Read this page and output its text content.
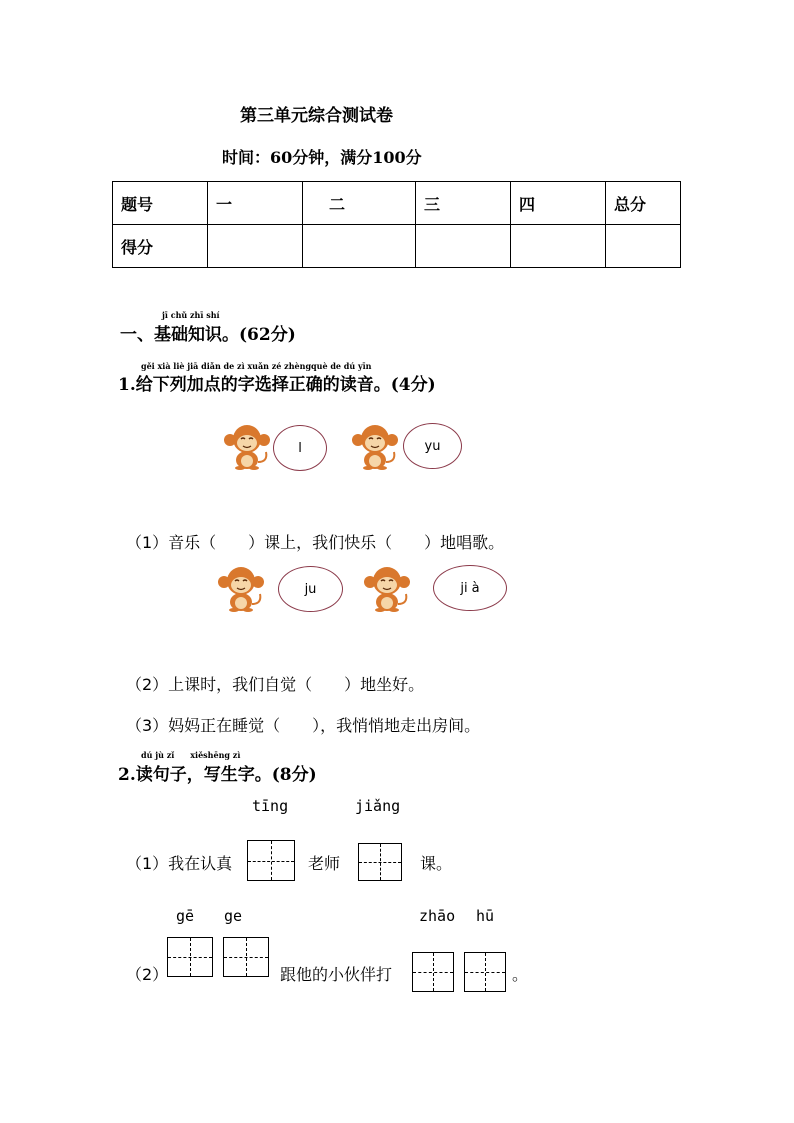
第三单元综合测试卷
时间：60分钟，满分100分
题号	一	二	三	四	总分
得分					
jī chǔ zhī shí
一、基础知识。(62分)
gěi xià liè jiā diǎn de zì xuǎn zé zhèngquè de dú yīn
1.给下列加点的字选择正确的读音。(4分)
l	yu
（1）音乐（　　）课上，我们快乐（　　）地唱歌。
ju	ji à
（2）上课时，我们自觉（　　）地坐好。
（3）妈妈正在睡觉（　　），我悄悄地走出房间。
dú jù zǐ　　xiěshēng zì
2.读句子，写生字。(8分)
tīng	jiǎng
（1）我在认真	老师	课。
gē ge	zhāo hū
（2）	跟他的小伙伴打	。
